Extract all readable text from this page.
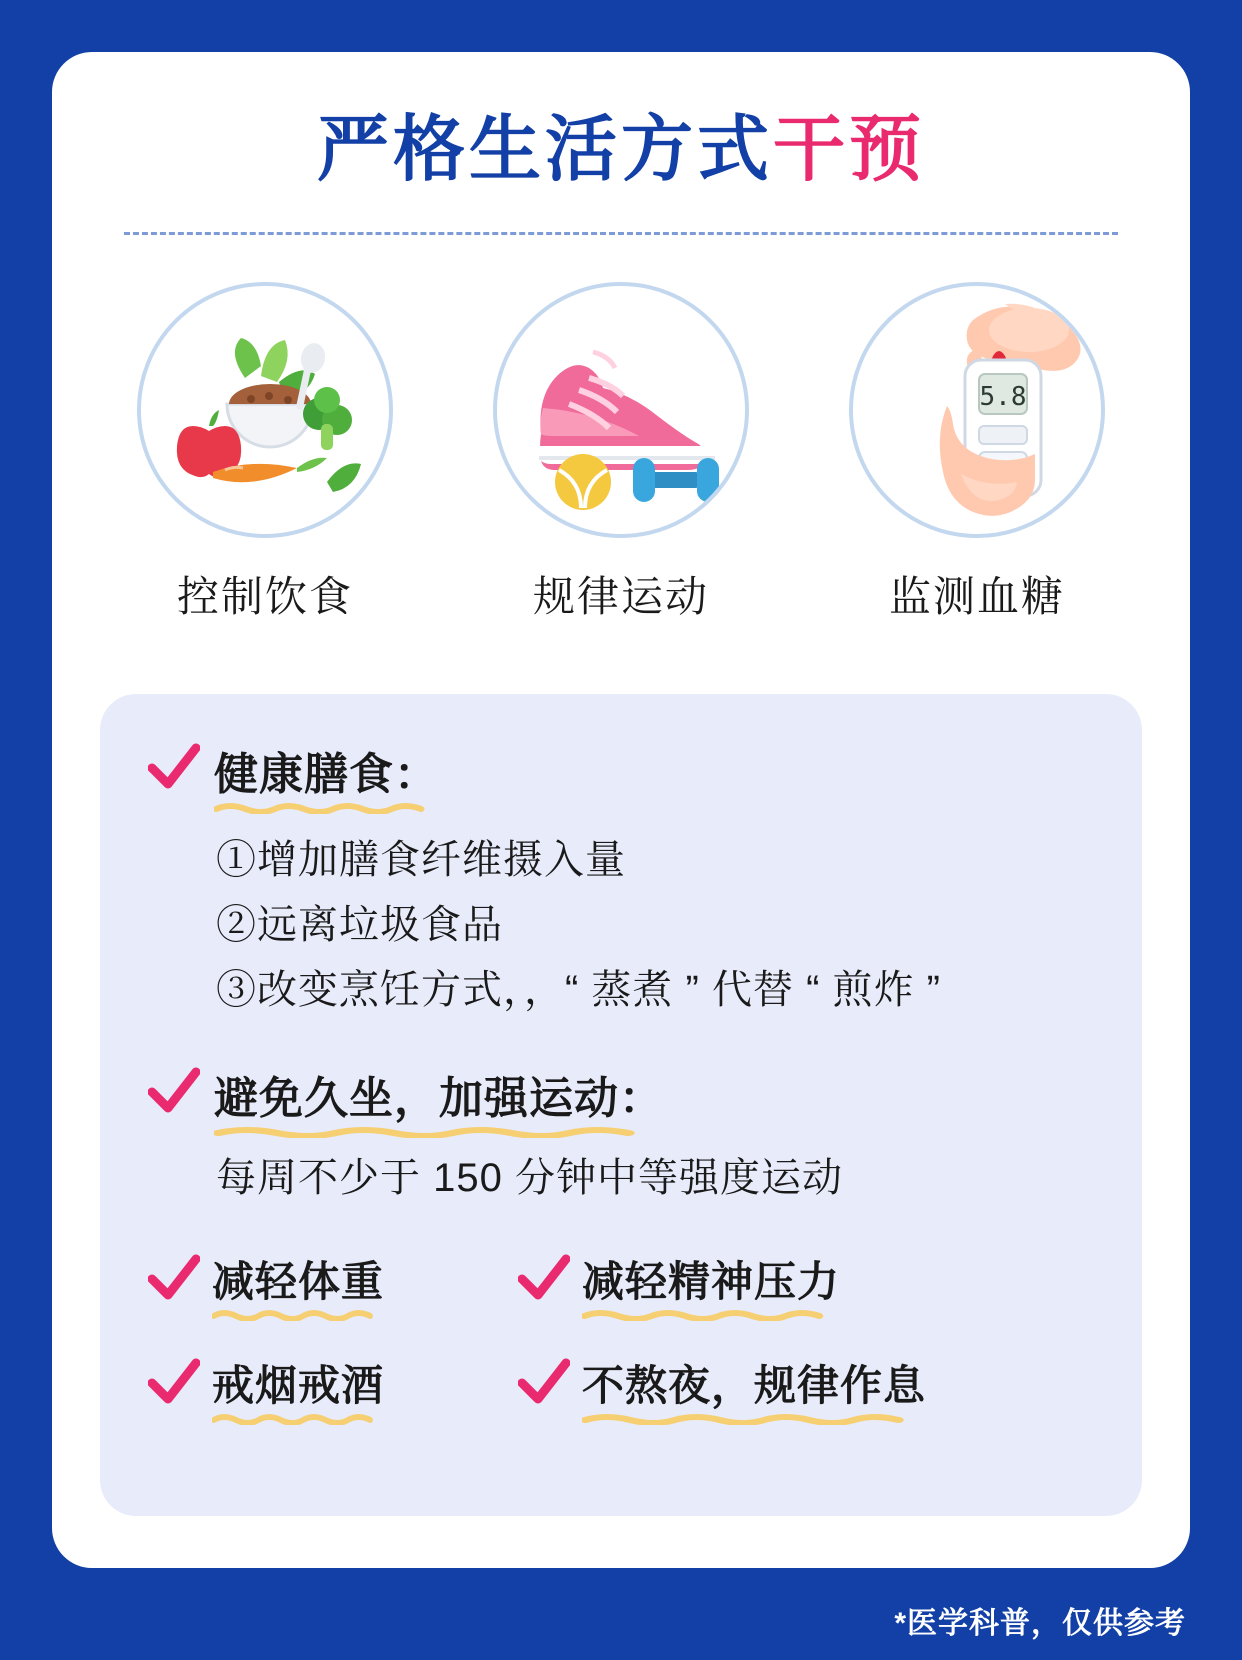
严格生活方式干预
控制饮食	规律运动
5.8
监测血糖
健康膳食：
①增加膳食纤维摄入量
②远离垃圾食品
③改变烹饪方式，，“ 蒸煮 ” 代替 “ 煎炸 ”
避免久坐，加强运动：
每周不少于 150 分钟中等强度运动
减轻体重	减轻精神压力
戒烟戒酒	不熬夜，规律作息
*医学科普，仅供参考
